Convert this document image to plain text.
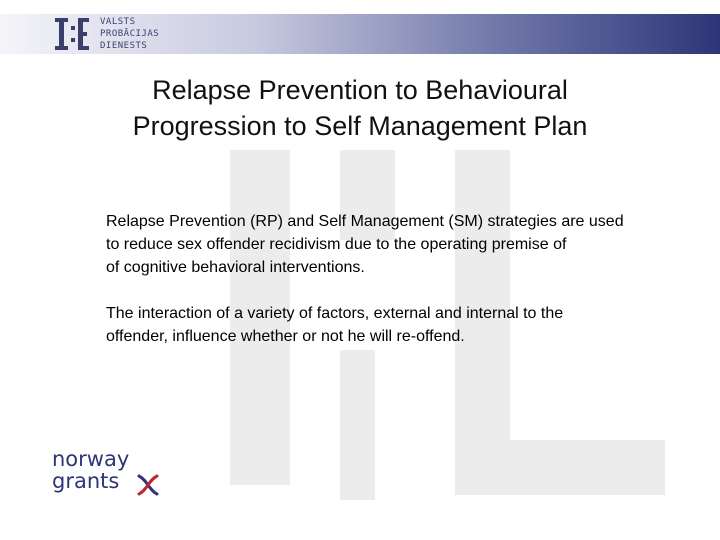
VALSTS
PROBĀCIJAS
DIENESTS
Relapse Prevention to Behavioural
Progression to Self Management Plan
Relapse Prevention (RP) and Self Management (SM) strategies are used
to reduce sex offender recidivism due to the operating premise of
of cognitive behavioral interventions.
The interaction of a variety of factors, external and internal to the
offender, influence whether or not he will re-offend.
norway
grants
